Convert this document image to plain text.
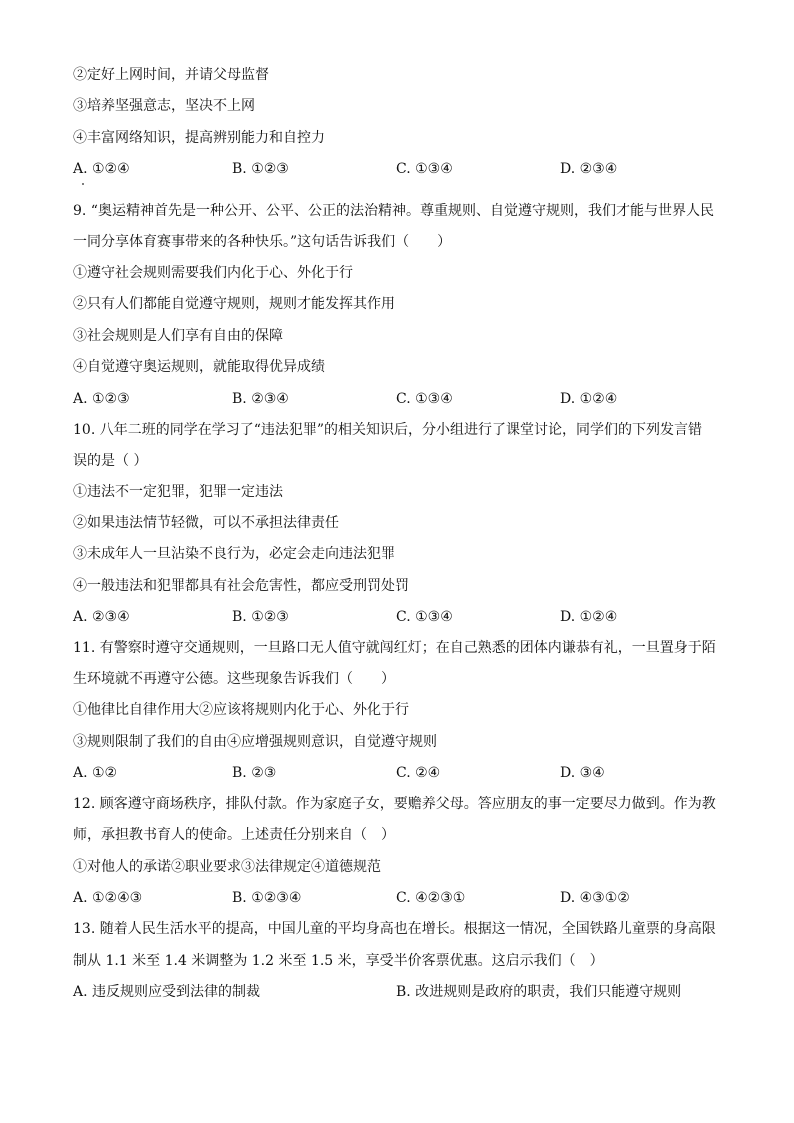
②定好上网时间，并请父母监督
③培养坚强意志，坚决不上网
④丰富网络知识，提高辨别能力和自控力
A. ①②④	B. ①②③	C. ①③④	D. ②③④
9. “奥运精神首先是一种公开、公平、公正的法治精神。尊重规则、自觉遵守规则，我们才能与世界人民
一同分享体育赛事带来的各种快乐。”这句话告诉我们（　　）
①遵守社会规则需要我们内化于心、外化于行
②只有人们都能自觉遵守规则，规则才能发挥其作用
③社会规则是人们享有自由的保障
④自觉遵守奥运规则，就能取得优异成绩
A. ①②③	B. ②③④	C. ①③④	D. ①②④
10. 八年二班的同学在学习了“违法犯罪”的相关知识后，分小组进行了课堂讨论，同学们的下列发言错
误的是（ ）
①违法不一定犯罪，犯罪一定违法
②如果违法情节轻微，可以不承担法律责任
③未成年人一旦沾染不良行为，必定会走向违法犯罪
④一般违法和犯罪都具有社会危害性，都应受刑罚处罚
A. ②③④	B. ①②③	C. ①③④	D. ①②④
11. 有警察时遵守交通规则，一旦路口无人值守就闯红灯；在自己熟悉的团体内谦恭有礼，一旦置身于陌
生环境就不再遵守公德。这些现象告诉我们（　　）
①他律比自律作用大②应该将规则内化于心、外化于行
③规则限制了我们的自由④应增强规则意识，自觉遵守规则
A. ①②	B. ②③	C. ②④	D. ③④
12. 顾客遵守商场秩序，排队付款。作为家庭子女，要赡养父母。答应朋友的事一定要尽力做到。作为教
师，承担教书育人的使命。上述责任分别来自（　）
①对他人的承诺②职业要求③法律规定④道德规范
A. ①②④③	B. ①②③④	C. ④②③①	D. ④③①②
13. 随着人民生活水平的提高，中国儿童的平均身高也在增长。根据这一情况，全国铁路儿童票的身高限
制从 1.1 米至 1.4 米调整为 1.2 米至 1.5 米，享受半价客票优惠。这启示我们（　）
A. 违反规则应受到法律的制裁	B. 改进规则是政府的职责，我们只能遵守规则
